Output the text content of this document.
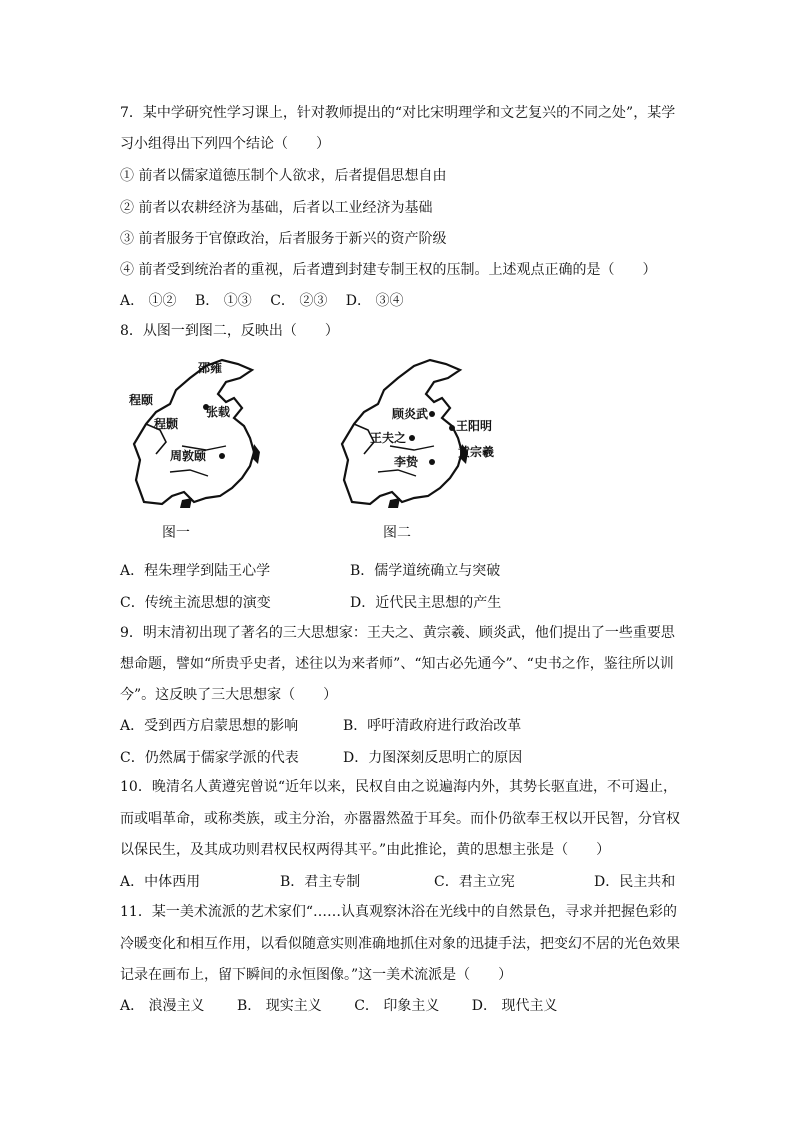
7．某中学研究性学习课上，针对教师提出的“对比宋明理学和文艺复兴的不同之处”，某学
习小组得出下列四个结论（　　）
① 前者以儒家道德压制个人欲求，后者提倡思想自由
② 前者以农耕经济为基础，后者以工业经济为基础
③ 前者服务于官僚政治，后者服务于新兴的资产阶级
④ 前者受到统治者的重视，后者遭到封建专制王权的压制。上述观点正确的是（　　）
A． ①②　 B． ①③　 C． ②③　 D． ③④
8．从图一到图二，反映出（　　）
邵雍
程颐
张载
程颢
周敦颐
顾炎武
王阳明
王夫之
黄宗羲
李贽
图一	图二
A．程朱理学到陆王心学	B．儒学道统确立与突破
C．传统主流思想的演变	D．近代民主思想的产生
9．明末清初出现了著名的三大思想家：王夫之、黄宗羲、顾炎武，他们提出了一些重要思
想命题，譬如“所贵乎史者，述往以为来者师”、“知古必先通今”、“史书之作，鉴往所以训
今”。这反映了三大思想家（　　）
A．受到西方启蒙思想的影响	B．呼吁清政府进行政治改革
C．仍然属于儒家学派的代表	D．力图深刻反思明亡的原因
10．晚清名人黄遵宪曾说“近年以来，民权自由之说遍海内外，其势长驱直进，不可遏止，
而或唱革命，或称类族，或主分治，亦嚣嚣然盈于耳矣。而仆仍欲奉王权以开民智，分官权
以保民生，及其成功则君权民权两得其平。”由此推论，黄的思想主张是（　　）
A．中体西用	B．君主专制	C．君主立宪	D．民主共和
11．某一美术流派的艺术家们“……认真观察沐浴在光线中的自然景色，寻求并把握色彩的
冷暖变化和相互作用，以看似随意实则准确地抓住对象的迅捷手法，把变幻不居的光色效果
记录在画布上，留下瞬间的永恒图像。”这一美术流派是（　　）
A． 浪漫主义　　 B． 现实主义　　 C． 印象主义　　 D． 现代主义
